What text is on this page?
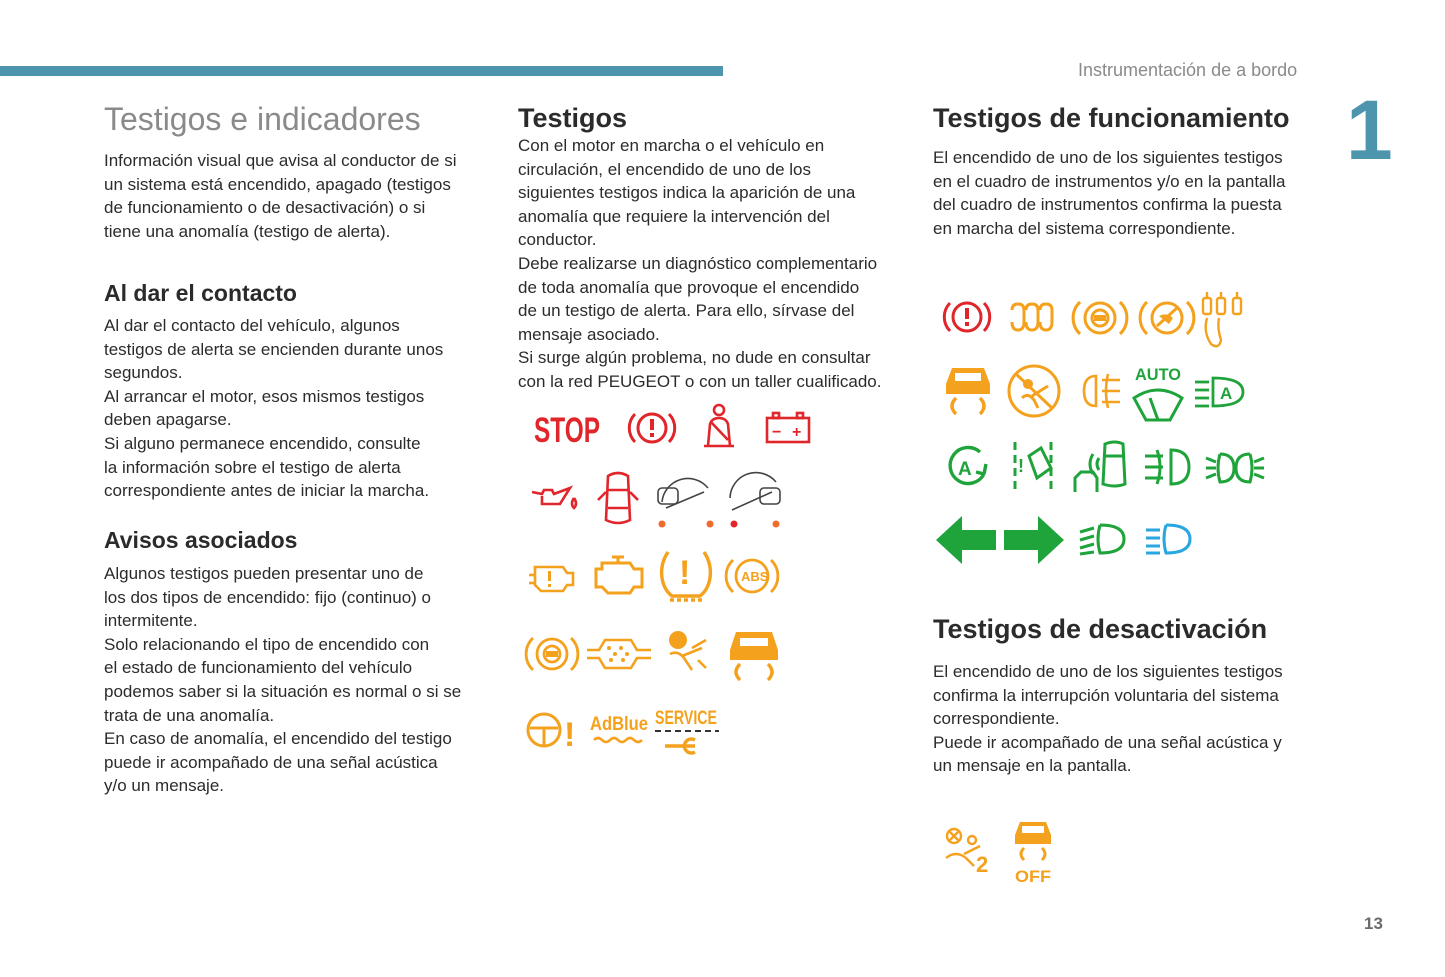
Instrumentación de a bordo
1
13
Testigos e indicadores
Información visual que avisa al conductor de si
un sistema está encendido, apagado (testigos
de funcionamiento o de desactivación) o si
tiene una anomalía (testigo de alerta).
Al dar el contacto
Al dar el contacto del vehículo, algunos
testigos de alerta se encienden durante unos
segundos.
Al arrancar el motor, esos mismos testigos
deben apagarse.
Si alguno permanece encendido, consulte
la información sobre el testigo de alerta
correspondiente antes de iniciar la marcha.
Avisos asociados
Algunos testigos pueden presentar uno de
los dos tipos de encendido: fijo (continuo) o
intermitente.
Solo relacionando el tipo de encendido con
el estado de funcionamiento del vehículo
podemos saber si la situación es normal o si se
trata de una anomalía.
En caso de anomalía, el encendido del testigo
puede ir acompañado de una señal acústica
y/o un mensaje.
Testigos
Con el motor en marcha o el vehículo en
circulación, el encendido de uno de los
siguientes testigos indica la aparición de una
anomalía que requiere la intervención del
conductor.
Debe realizarse un diagnóstico complementario
de toda anomalía que provoque el encendido
de un testigo de alerta. Para ello, sírvase del
mensaje asociado.
Si surge algún problema, no dude en consultar
con la red PEUGEOT o con un taller cualificado.
STOP	− +
!	ABS
! AdBlue SERVICE
Testigos de funcionamiento
El encendido de uno de los siguientes testigos
en el cuadro de instrumentos y/o en la pantalla
del cuadro de instrumentos confirma la puesta
en marcha del sistema correspondiente.
AUTO
A
A	!
Testigos de desactivación
El encendido de uno de los siguientes testigos
confirma la interrupción voluntaria del sistema
correspondiente.
Puede ir acompañado de una señal acústica y
un mensaje en la pantalla.
2 OFF
